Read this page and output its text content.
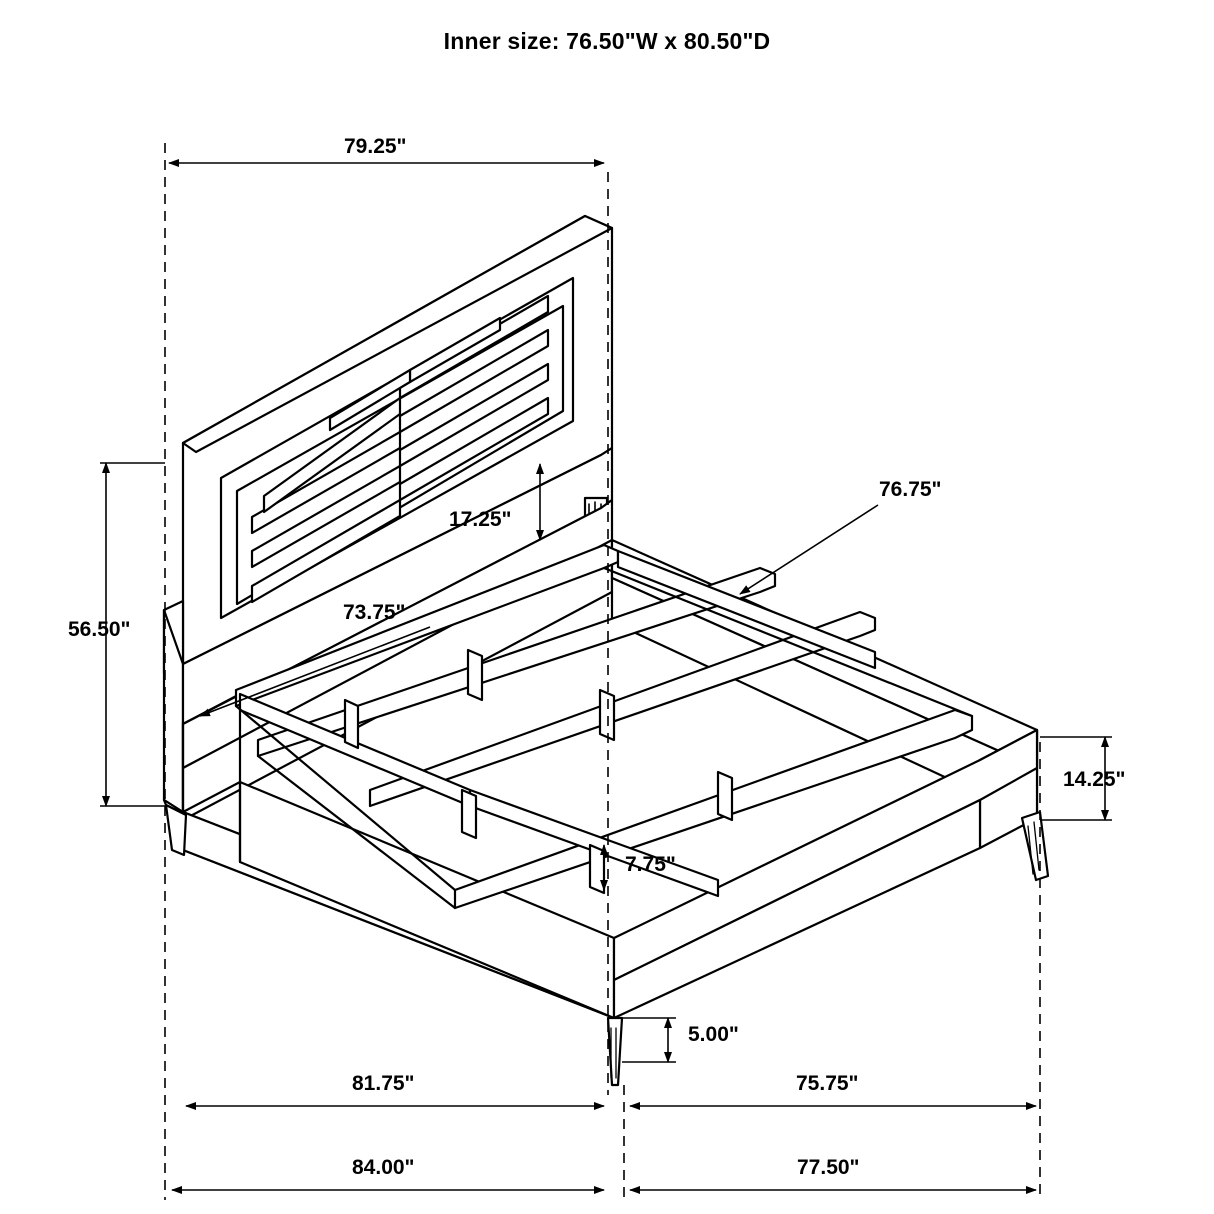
Inner size: 76.50"W x 80.50"D
79.25"
56.50"
17.25"
73.75"
76.75"
14.25"
7.75"
5.00"
81.75"	75.75"
84.00"	77.50"
